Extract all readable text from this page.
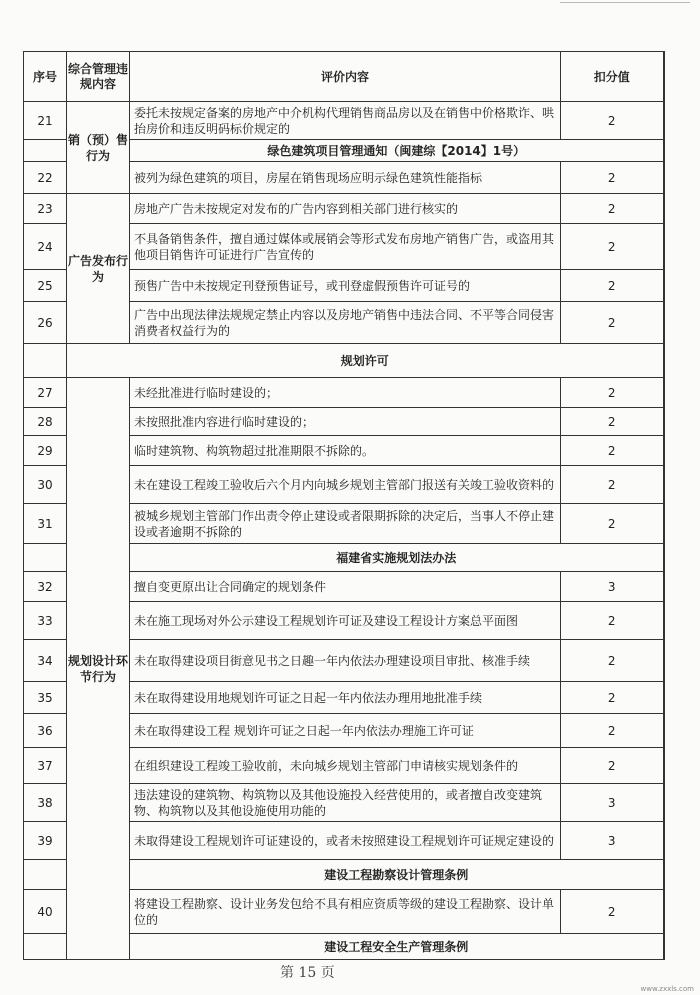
序号	综合管理违规内容	评价内容	扣分值
21	销（预）售行为	委托未按规定备案的房地产中介机构代理销售商品房以及在销售中价格欺诈、哄抬房价和违反明码标价规定的	2
		绿色建筑项目管理通知（闽建综【2014】1号）	
22		被列为绿色建筑的项目，房屋在销售现场应明示绿色建筑性能指标	2
23	广告发布行为	房地产广告未按规定对发布的广告内容到相关部门进行核实的	2
24		不具备销售条件，擅自通过媒体或展销会等形式发布房地产销售广告，或盗用其他项目销售许可证进行广告宣传的	2
25		预售广告中未按规定刊登预售证号，或刊登虚假预售许可证号的	2
26		广告中出现法律法规规定禁止内容以及房地产销售中违法合同、不平等合同侵害消费者权益行为的	2
	规划许可		
27	规划设计环节行为	未经批准进行临时建设的；	2
28		未按照批准内容进行临时建设的；	2
29		临时建筑物、构筑物超过批准期限不拆除的。	2
30		未在建设工程竣工验收后六个月内向城乡规划主管部门报送有关竣工验收资料的	2
31		被城乡规划主管部门作出责令停止建设或者限期拆除的决定后，当事人不停止建设或者逾期不拆除的	2
		福建省实施规划法办法	
32		擅自变更原出让合同确定的规划条件	3
33		未在施工现场对外公示建设工程规划许可证及建设工程设计方案总平面图	2
34		未在取得建设项目街意见书之日趣一年内依法办理建设项目审批、核准手续	2
35		未在取得建设用地规划许可证之日起一年内依法办理用地批准手续	2
36		未在取得建设工程 规划许可证之日起一年内依法办理施工许可证	2
37		在组织建设工程竣工验收前，未向城乡规划主管部门申请核实规划条件的	2
38		违法建设的建筑物、构筑物以及其他设施投入经营使用的，或者擅自改变建筑物、构筑物以及其他设施使用功能的	3
39		未取得建设工程规划许可证建设的，或者未按照建设工程规划许可证规定建设的	3
		建设工程勘察设计管理条例	
40		将建设工程勘察、设计业务发包给不具有相应资质等级的建设工程勘察、设计单位的	2
		建设工程安全生产管理条例	
第 15 页
www.zxxls.com
